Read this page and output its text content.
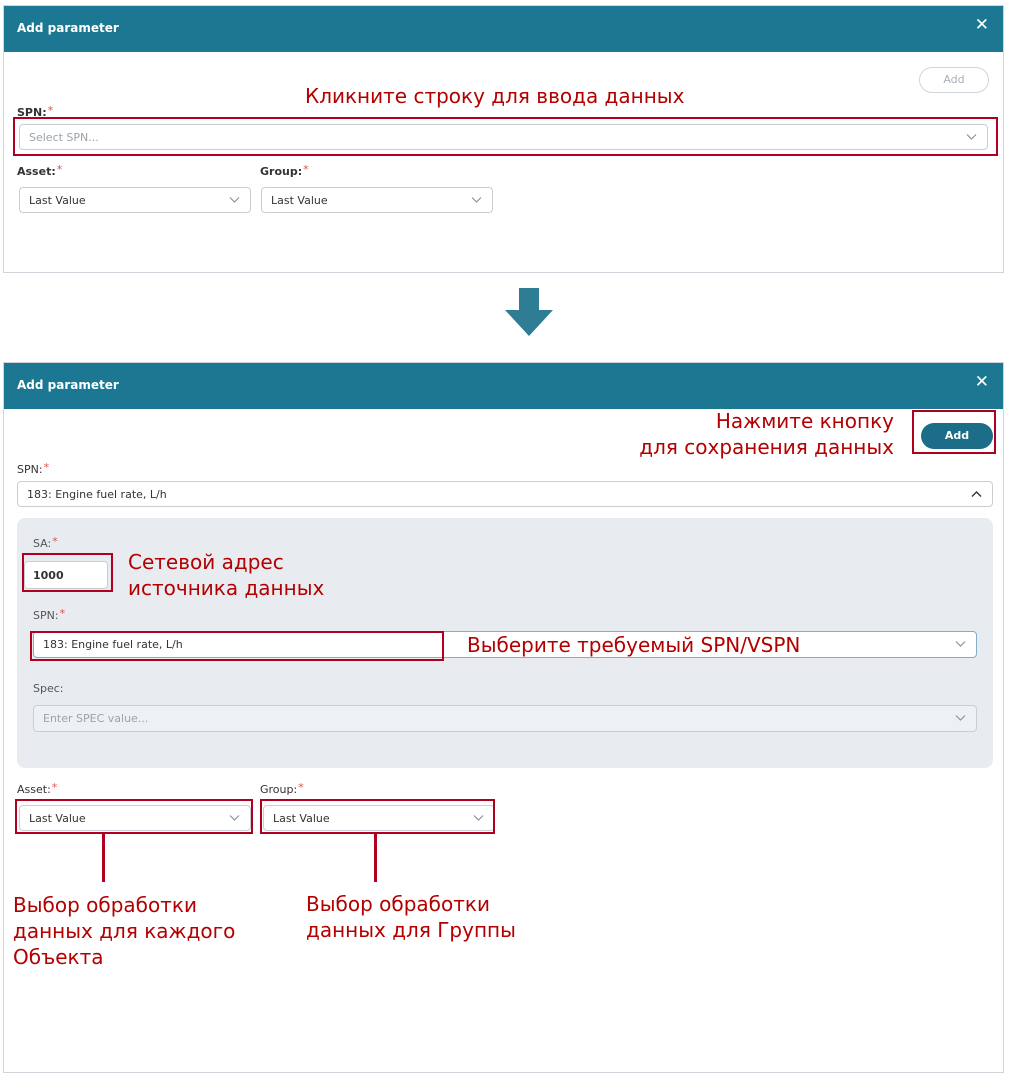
Add parameter	✕
Add
SPN:*
Select SPN...
Asset:*
Last Value
Group:*
Last Value
Кликните строку для ввода данных
Add parameter	✕
Add
SPN:*
183: Engine fuel rate, L/h
SA:*
SPN:*
183: Engine fuel rate, L/h
Spec:
Enter SPEC value...
1000
Asset:*
Last Value
Group:*
Last Value
Нажмите кнопку
для сохранения данных
Сетевой адрес
источника данных
Выберите требуемый SPN/VSPN
Выбор обработки
данных для каждого
Объекта
Выбор обработки
данных для Группы
